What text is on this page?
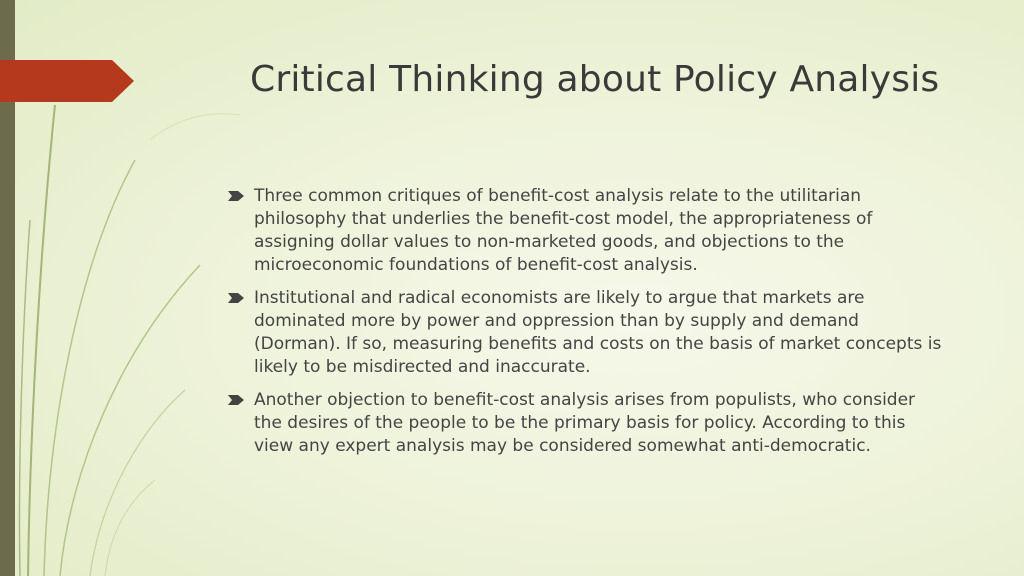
Critical Thinking about Policy Analysis
Three common critiques of benefit-cost analysis relate to the utilitarian philosophy that underlies the benefit-cost model, the appropriateness of assigning dollar values to non-marketed goods, and objections to the microeconomic foundations of benefit-cost analysis.
Institutional and radical economists are likely to argue that markets are dominated more by power and oppression than by supply and demand (Dorman). If so, measuring benefits and costs on the basis of market concepts is likely to be misdirected and inaccurate.
Another objection to benefit-cost analysis arises from populists, who consider the desires of the people to be the primary basis for policy. According to this view any expert analysis may be considered somewhat anti-democratic.
